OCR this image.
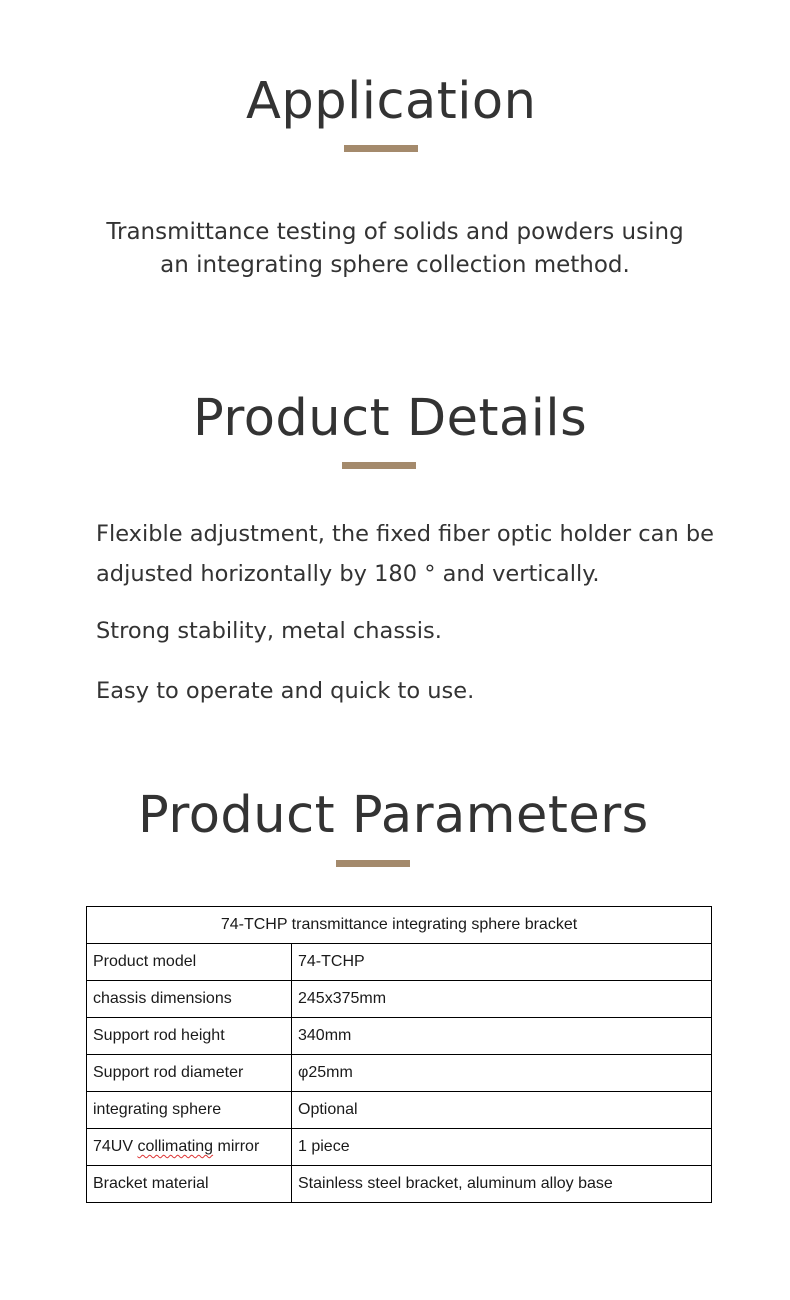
Application

Transmittance testing of solids and powders using
an integrating sphere collection method.

Product Details

Flexible adjustment, the fixed fiber optic holder can be
adjusted horizontally by 180 ° and vertically.

Strong stability, metal chassis.

Easy to operate and quick to use.

Product Parameters
74-TCHP transmittance integrating sphere bracket	
Product model	74-TCHP
chassis dimensions	245x375mm
Support rod height	340mm
Support rod diameter	φ25mm
integrating sphere	Optional
74UV collimating mirror	1 piece
Bracket material	Stainless steel bracket, aluminum alloy base
